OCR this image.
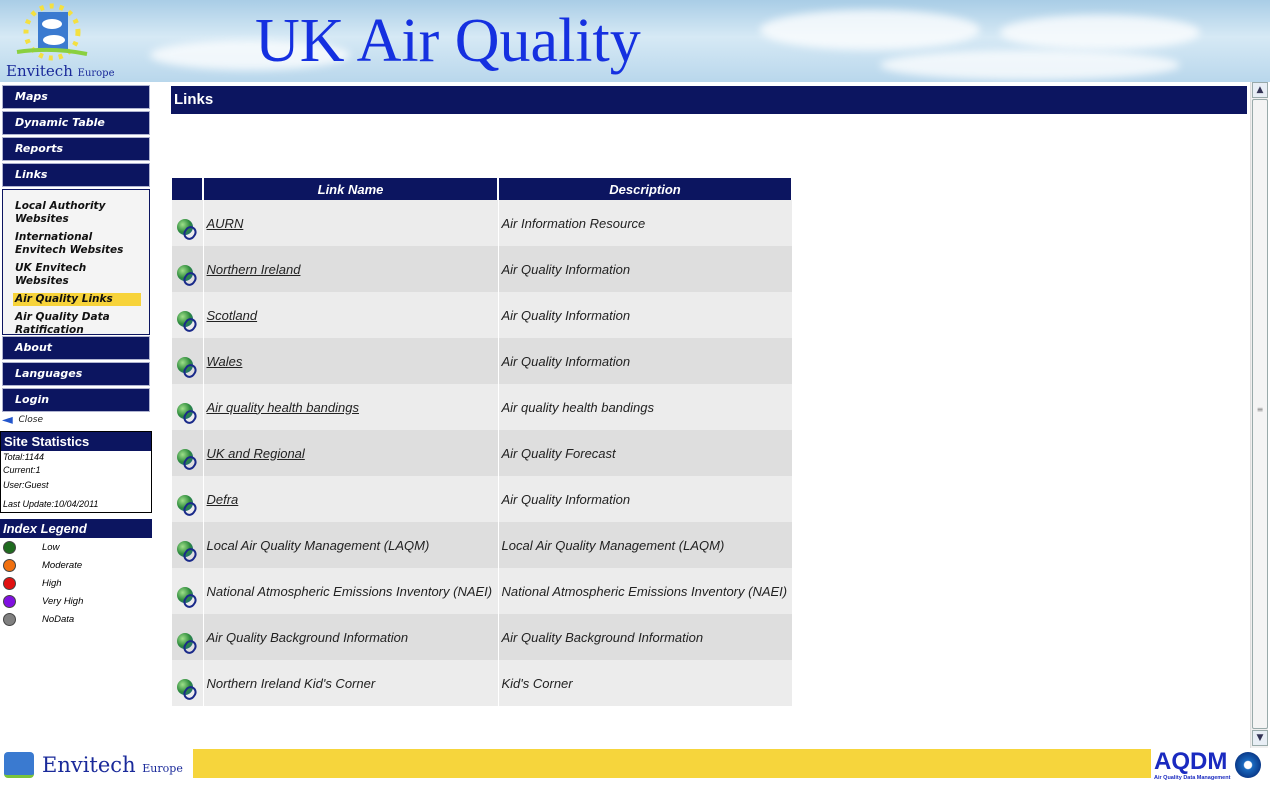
Envitech Europe UK Air Quality
Maps
Dynamic Table
Reports
Links
Local Authority Websites
International Envitech Websites
UK Envitech Websites
Air Quality Links
Air Quality Data Ratification
About
Languages
Login
◄ Close
Site Statistics
Total:1144
Current:1
User:Guest
Last Update:10/04/2011
Index Legend
Low
Moderate
High
Very High
NoData
Links
	Link Name	Description

	AURN	Air Information Resource

	Northern Ireland	Air Quality Information

	Scotland	Air Quality Information

	Wales	Air Quality Information

	Air quality health bandings	Air quality health bandings

	UK and Regional	Air Quality Forecast

	Defra	Air Quality Information

	Local Air Quality Management (LAQM)	Local Air Quality Management (LAQM)

	National Atmospheric Emissions Inventory (NAEI)	National Atmospheric Emissions Inventory (NAEI)

	Air Quality Background Information	Air Quality Background Information

	Northern Ireland Kid's Corner	Kid's Corner
▲
≡
▼
Envitech Europe	AQDM
Air Quality Data Management
